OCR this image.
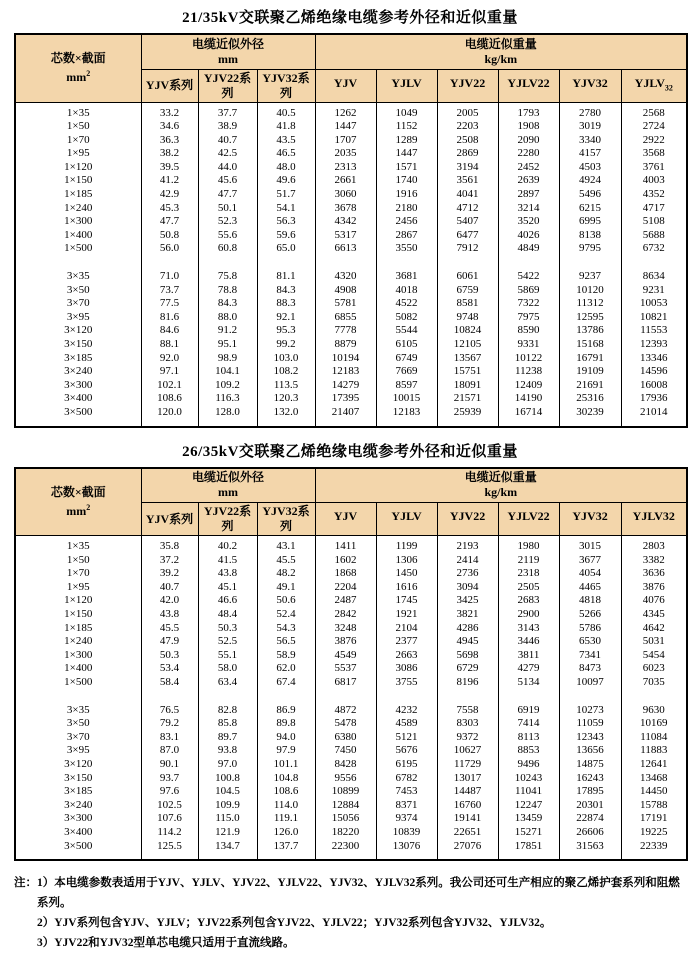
21/35kV交联聚乙烯绝缘电缆参考外径和近似重量
芯数×截面
$mm^2$

电缆近似外径
mm

电缆近似重量
kg/km

	YJV系列	YJV22系列	YJV32系列	YJV	YJLV	YJV22	YJLV22	YJV32	$YJLV_{32}$
1×35	33.2	37.7	40.5	1262	1049	2005	1793	2780	2568
1×50	34.6	38.9	41.8	1447	1152	2203	1908	3019	2724
1×70	36.3	40.7	43.5	1707	1289	2508	2090	3340	2922
1×95	38.2	42.5	46.5	2035	1447	2869	2280	4157	3568
1×120	39.5	44.0	48.0	2313	1571	3194	2452	4503	3761
1×150	41.2	45.6	49.6	2661	1740	3561	2639	4924	4003
1×185	42.9	47.7	51.7	3060	1916	4041	2897	5496	4352
1×240	45.3	50.1	54.1	3678	2180	4712	3214	6215	4717
1×300	47.7	52.3	56.3	4342	2456	5407	3520	6995	5108
1×400	50.8	55.6	59.6	5317	2867	6477	4026	8138	5688
1×500	56.0	60.8	65.0	6613	3550	7912	4849	9795	6732

3×35	71.0	75.8	81.1	4320	3681	6061	5422	9237	8634
3×50	73.7	78.8	84.3	4908	4018	6759	5869	10120	9231
3×70	77.5	84.3	88.3	5781	4522	8581	7322	11312	10053
3×95	81.6	88.0	92.1	6855	5082	9748	7975	12595	10821
3×120	84.6	91.2	95.3	7778	5544	10824	8590	13786	11553
3×150	88.1	95.1	99.2	8879	6105	12105	9331	15168	12393
3×185	92.0	98.9	103.0	10194	6749	13567	10122	16791	13346
3×240	97.1	104.1	108.2	12183	7669	15751	11238	19109	14596
3×300	102.1	109.2	113.5	14279	8597	18091	12409	21691	16008
3×400	108.6	116.3	120.3	17395	10015	21571	14190	25316	17936
3×500	120.0	128.0	132.0	21407	12183	25939	16714	30239	21014
26/35kV交联聚乙烯绝缘电缆参考外径和近似重量
芯数×截面
$mm^2$

电缆近似外径
mm

电缆近似重量
kg/km

	YJV系列	YJV22系列	YJV32系列	YJV	YJLV	YJV22	YJLV22	YJV32	YJLV32
1×35	35.8	40.2	43.1	1411	1199	2193	1980	3015	2803
1×50	37.2	41.5	45.5	1602	1306	2414	2119	3677	3382
1×70	39.2	43.8	48.2	1868	1450	2736	2318	4054	3636
1×95	40.7	45.1	49.1	2204	1616	3094	2505	4465	3876
1×120	42.0	46.6	50.6	2487	1745	3425	2683	4818	4076
1×150	43.8	48.4	52.4	2842	1921	3821	2900	5266	4345
1×185	45.5	50.3	54.3	3248	2104	4286	3143	5786	4642
1×240	47.9	52.5	56.5	3876	2377	4945	3446	6530	5031
1×300	50.3	55.1	58.9	4549	2663	5698	3811	7341	5454
1×400	53.4	58.0	62.0	5537	3086	6729	4279	8473	6023
1×500	58.4	63.4	67.4	6817	3755	8196	5134	10097	7035

3×35	76.5	82.8	86.9	4872	4232	7558	6919	10273	9630
3×50	79.2	85.8	89.8	5478	4589	8303	7414	11059	10169
3×70	83.1	89.7	94.0	6380	5121	9372	8113	12343	11084
3×95	87.0	93.8	97.9	7450	5676	10627	8853	13656	11883
3×120	90.1	97.0	101.1	8428	6195	11729	9496	14875	12641
3×150	93.7	100.8	104.8	9556	6782	13017	10243	16243	13468
3×185	97.6	104.5	108.6	10899	7453	14487	11041	17895	14450
3×240	102.5	109.9	114.0	12884	8371	16760	12247	20301	15788
3×300	107.6	115.0	119.1	15056	9374	19141	13459	22874	17191
3×400	114.2	121.9	126.0	18220	10839	22651	15271	26606	19225
3×500	125.5	134.7	137.7	22300	13076	27076	17851	31563	22339
注： 1）本电缆参数表适用于YJV、YJLV、YJV22、YJLV22、YJV32、YJLV32系列。我公司还可生产相应的聚乙烯护套系列和阻燃系列。
2）YJV系列包含YJV、YJLV；YJV22系列包含YJV22、YJLV22；YJV32系列包含YJV32、YJLV32。
3）YJV22和YJV32型单芯电缆只适用于直流线路。
